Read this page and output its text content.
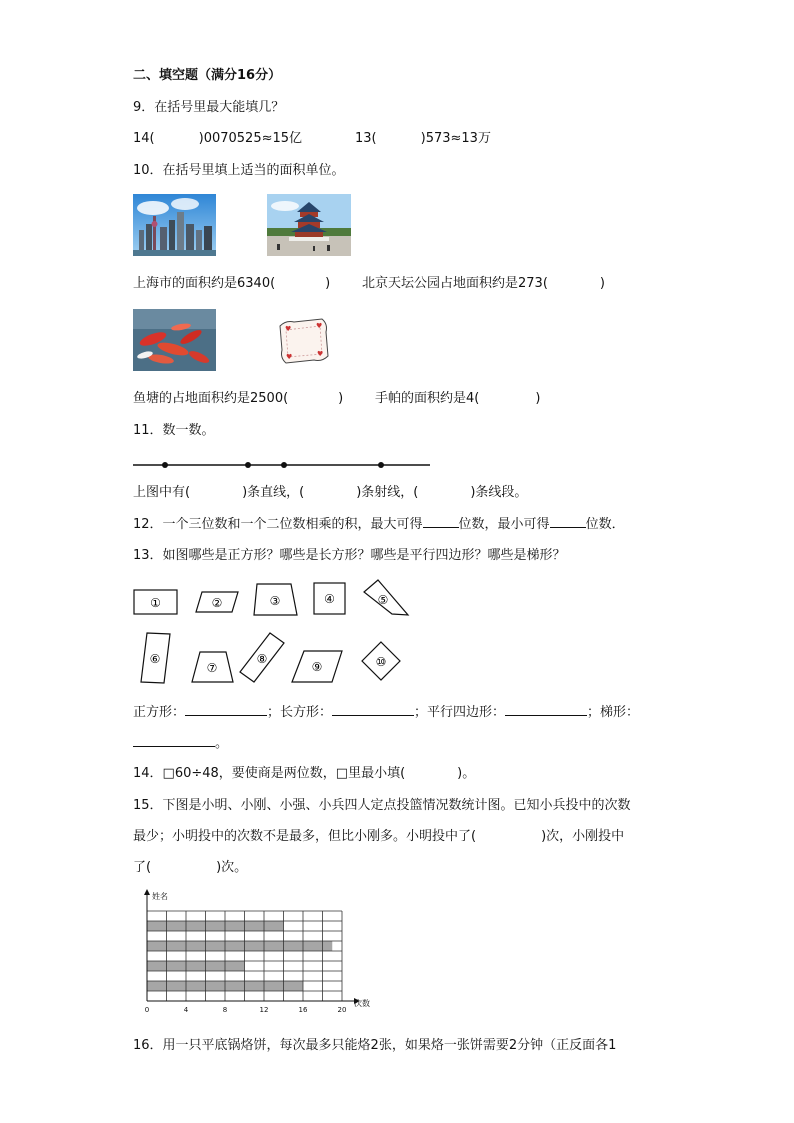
二、填空题（满分16分）
9．在括号里最大能填几？
14(	)0070525≈15亿	13(	)573≈13万
10．在括号里填上适当的面积单位。
上海市的面积约是6340(	) 北京天坛公园占地面积约是273(	)
♥	♥
♥
♥
鱼塘的占地面积约是2500(	) 手帕的面积约是4(	)
11．数一数。
上图中有(　　　　)条直线，(　　　　)条射线，(　　　　)条线段。
12．一个三位数和一个二位数相乘的积，最大可得	位数，最小可得	位数．
13．如图哪些是正方形？哪些是长方形？哪些是平行四边形？哪些是梯形？
①	②	③	④	⑤
⑥
⑦
⑧
⑨	⑩
正方形：	；长方形：	；平行四边形：	；梯形：
。
14．□60÷48，要使商是两位数，□里最小填(　　　　)。
15．下图是小明、小刚、小强、小兵四人定点投篮情况数统计图。已知小兵投中的次数
最少；小明投中的次数不是最多，但比小刚多。小明投中了(　　　　　)次，小刚投中
了(　　　　　)次。
姓名
次数
0	4	8	12	16	20
16．用一只平底锅烙饼，每次最多只能烙2张，如果烙一张饼需要2分钟（正反面各1
